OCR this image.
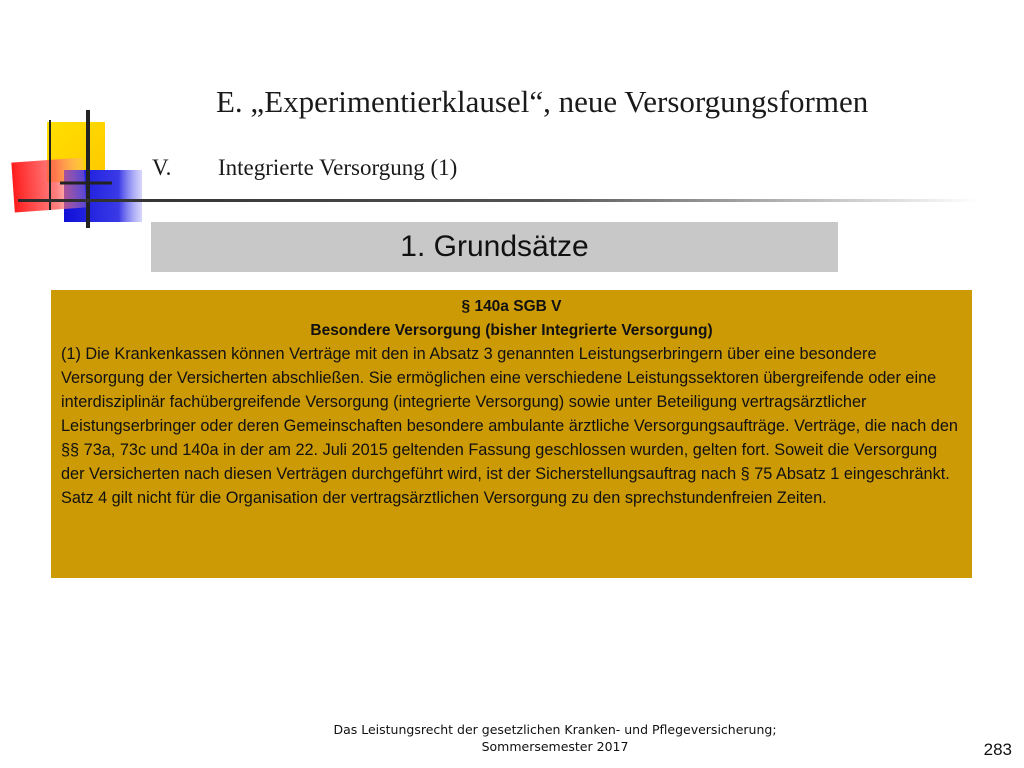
E. „Experimentierklausel“, neue Versorgungsformen
V. Integrierte Versorgung (1)
1. Grundsätze
§ 140a SGB V
Besondere Versorgung (bisher Integrierte Versorgung)

(1) Die Krankenkassen können Verträge mit den in Absatz 3 genannten Leistungserbringern über eine besondere Versorgung der Versicherten abschließen. Sie ermöglichen eine verschiedene Leistungssektoren übergreifende oder eine interdisziplinär fachübergreifende Versorgung (integrierte Versorgung) sowie unter Beteiligung vertragsärztlicher Leistungserbringer oder deren Gemeinschaften besondere ambulante ärztliche Versorgungsaufträge. Verträge, die nach den §§ 73a, 73c und 140a in der am 22. Juli 2015 geltenden Fassung geschlossen wurden, gelten fort. Soweit die Versorgung der Versicherten nach diesen Verträgen durchgeführt wird, ist der Sicherstellungsauftrag nach § 75 Absatz 1 eingeschränkt. Satz 4 gilt nicht für die Organisation der vertragsärztlichen Versorgung zu den sprechstundenfreien Zeiten.

Das Leistungsrecht der gesetzlichen Kranken- und Pflegeversicherung;
Sommersemester 2017	283
